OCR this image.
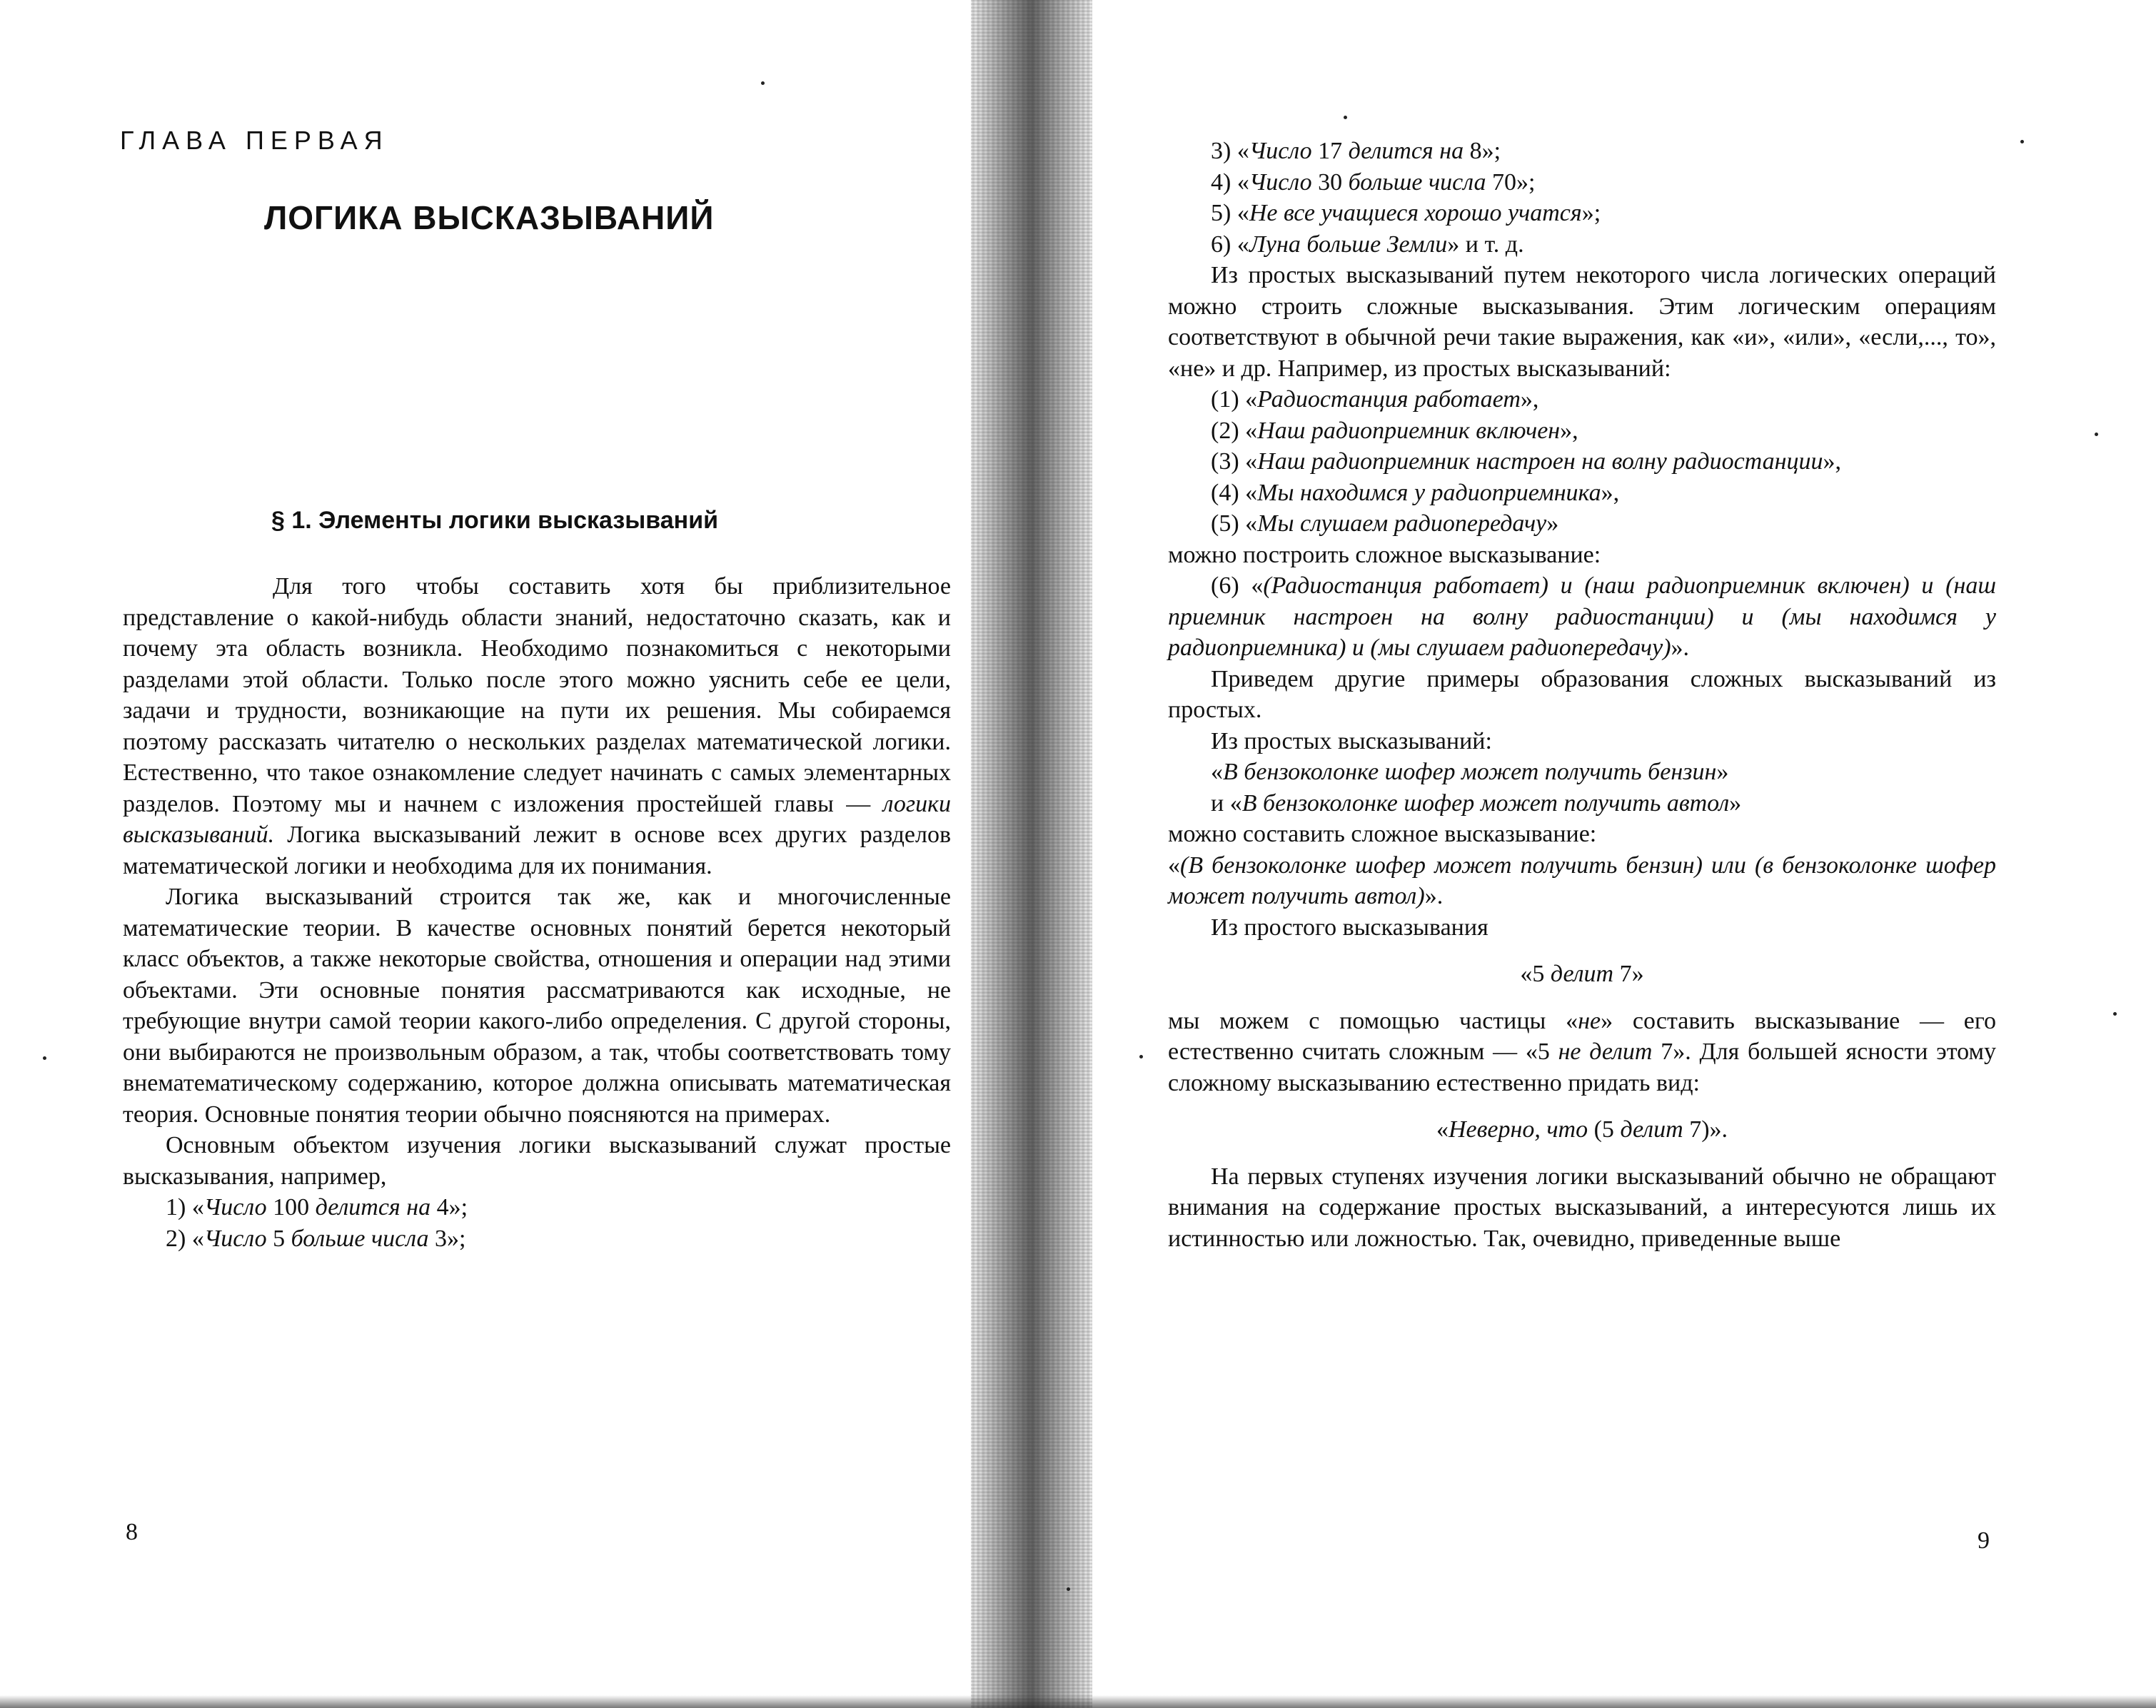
ГЛАВА ПЕРВАЯ
ЛОГИКА ВЫСКАЗЫВАНИЙ
§ 1. Элементы логики высказываний

Для того чтобы составить хотя бы приблизительное представление о какой-нибудь области знаний, недостаточно сказать, как и почему эта область возникла. Необходимо познакомиться с некоторыми разделами этой области. Только после этого можно уяснить себе ее цели, задачи и трудности, возникающие на пути их решения. Мы собираемся поэтому рассказать читателю о нескольких разделах математической логики. Естественно, что такое ознакомление следует начинать с самых элементарных разделов. Поэтому мы и начнем с изложения простейшей главы — логики высказываний. Логика высказываний лежит в основе всех других разделов математической логики и необходима для их понимания.

Логика высказываний строится так же, как и многочисленные математические теории. В качестве основных понятий берется некоторый класс объектов, а также некоторые свойства, отношения и операции над этими объектами. Эти основные понятия рассматриваются как исходные, не требующие внутри самой теории какого-либо определения. С другой стороны, они выбираются не произвольным образом, а так, чтобы соответствовать тому внематематическому содержанию, которое должна описывать математическая теория. Основные понятия теории обычно поясняются на примерах.

Основным объектом изучения логики высказываний служат простые высказывания, например,

1) «Число 100 делится на 4»;

2) «Число 5 больше числа 3»;

8

3) «Число 17 делится на 8»;

4) «Число 30 больше числа 70»;

5) «Не все учащиеся хорошо учатся»;

6) «Луна больше Земли» и т. д.

Из простых высказываний путем некоторого числа логических операций можно строить сложные высказывания. Этим логическим операциям соответствуют в обычной речи такие выражения, как «и», «или», «если,..., то», «не» и др. Например, из простых высказываний:

(1) «Радиостанция работает»,

(2) «Наш радиоприемник включен»,

(3) «Наш радиоприемник настроен на волну радиостанции»,

(4) «Мы находимся у радиоприемника»,

(5) «Мы слушаем радиопередачу»

можно построить сложное высказывание:

(6) «(Радиостанция работает) и (наш радиоприемник включен) и (наш приемник настроен на волну радиостанции) и (мы находимся у радиоприемника) и (мы слушаем радиопередачу)».

Приведем другие примеры образования сложных высказываний из простых.

Из простых высказываний:

«В бензоколонке шофер может получить бензин»

и «В бензоколонке шофер может получить автол»

можно составить сложное высказывание:

«(В бензоколонке шофер может получить бензин) или (в бензоколонке шофер может получить автол)».

Из простого высказывания

«5 делит 7»

мы можем с помощью частицы «не» составить высказывание — его естественно считать сложным — «5 не делит 7». Для большей ясности этому сложному высказыванию естественно придать вид:

«Неверно, что (5 делит 7)».

На первых ступенях изучения логики высказываний обычно не обращают внимания на содержание простых высказываний, а интересуются лишь их истинностью или ложностью. Так, очевидно, приведенные выше

9
